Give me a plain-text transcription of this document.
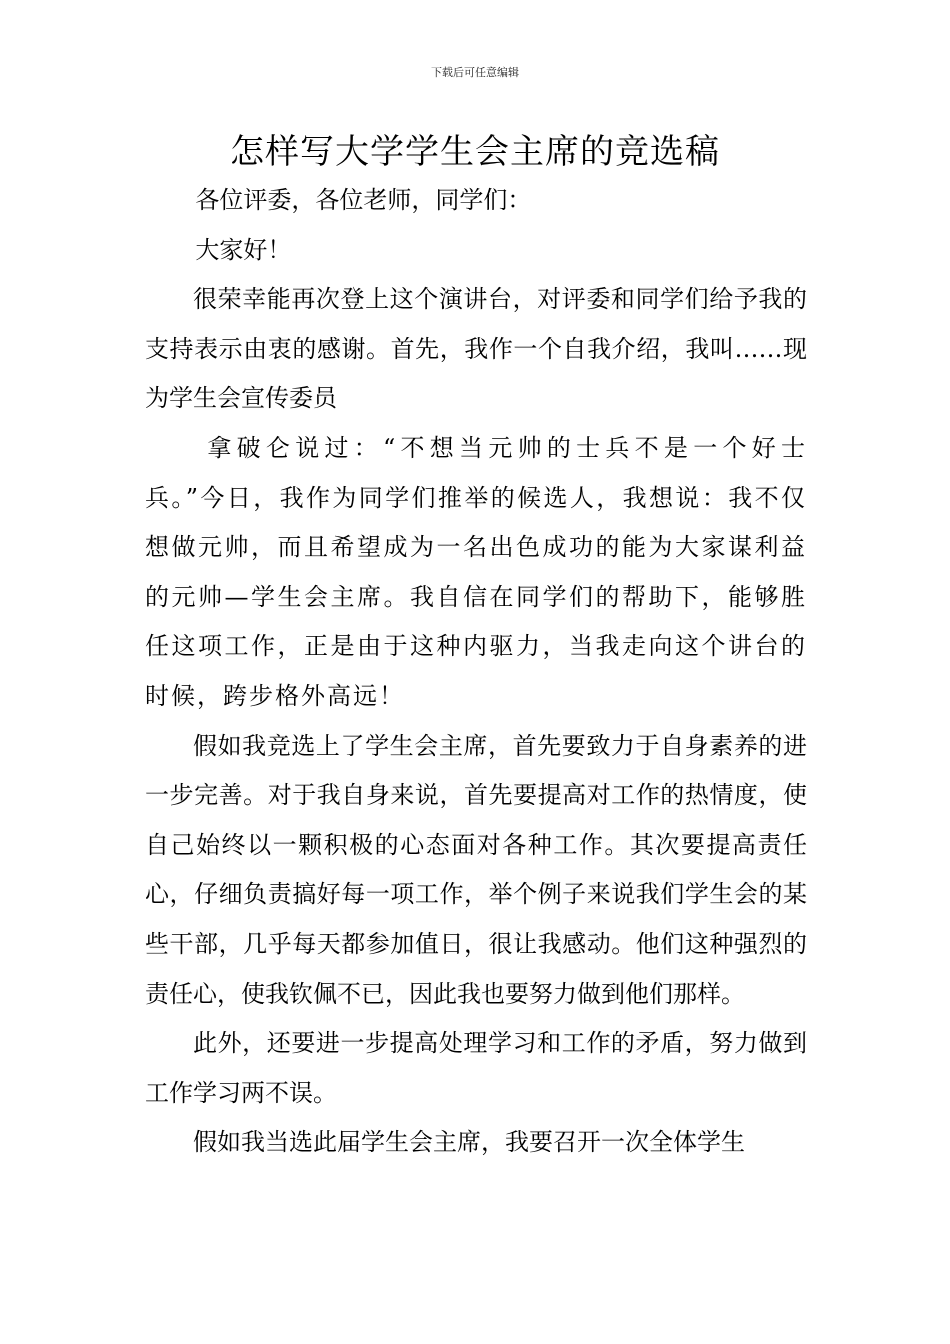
下载后可任意编辑
怎样写大学学生会主席的竞选稿

各位评委，各位老师，同学们：

大家好！

很荣幸能再次登上这个演讲台，对评委和同学们给予我的支持表示由衷的感谢。首先，我作一个自我介绍，我叫……现为学生会宣传委员

拿破仑说过：“不想当元帅的士兵不是一个好士兵。”今日，我作为同学们推举的候选人，我想说：我不仅想做元帅，而且希望成为一名出色成功的能为大家谋利益的元帅—学生会主席。我自信在同学们的帮助下，能够胜任这项工作，正是由于这种内驱力，当我走向这个讲台的时候，跨步格外高远！

假如我竞选上了学生会主席，首先要致力于自身素养的进一步完善。对于我自身来说，首先要提高对工作的热情度，使自己始终以一颗积极的心态面对各种工作。其次要提高责任心，仔细负责搞好每一项工作，举个例子来说我们学生会的某些干部，几乎每天都参加值日，很让我感动。他们这种强烈的责任心，使我钦佩不已，因此我也要努力做到他们那样。

此外，还要进一步提高处理学习和工作的矛盾，努力做到工作学习两不误。

假如我当选此届学生会主席，我要召开一次全体学生
